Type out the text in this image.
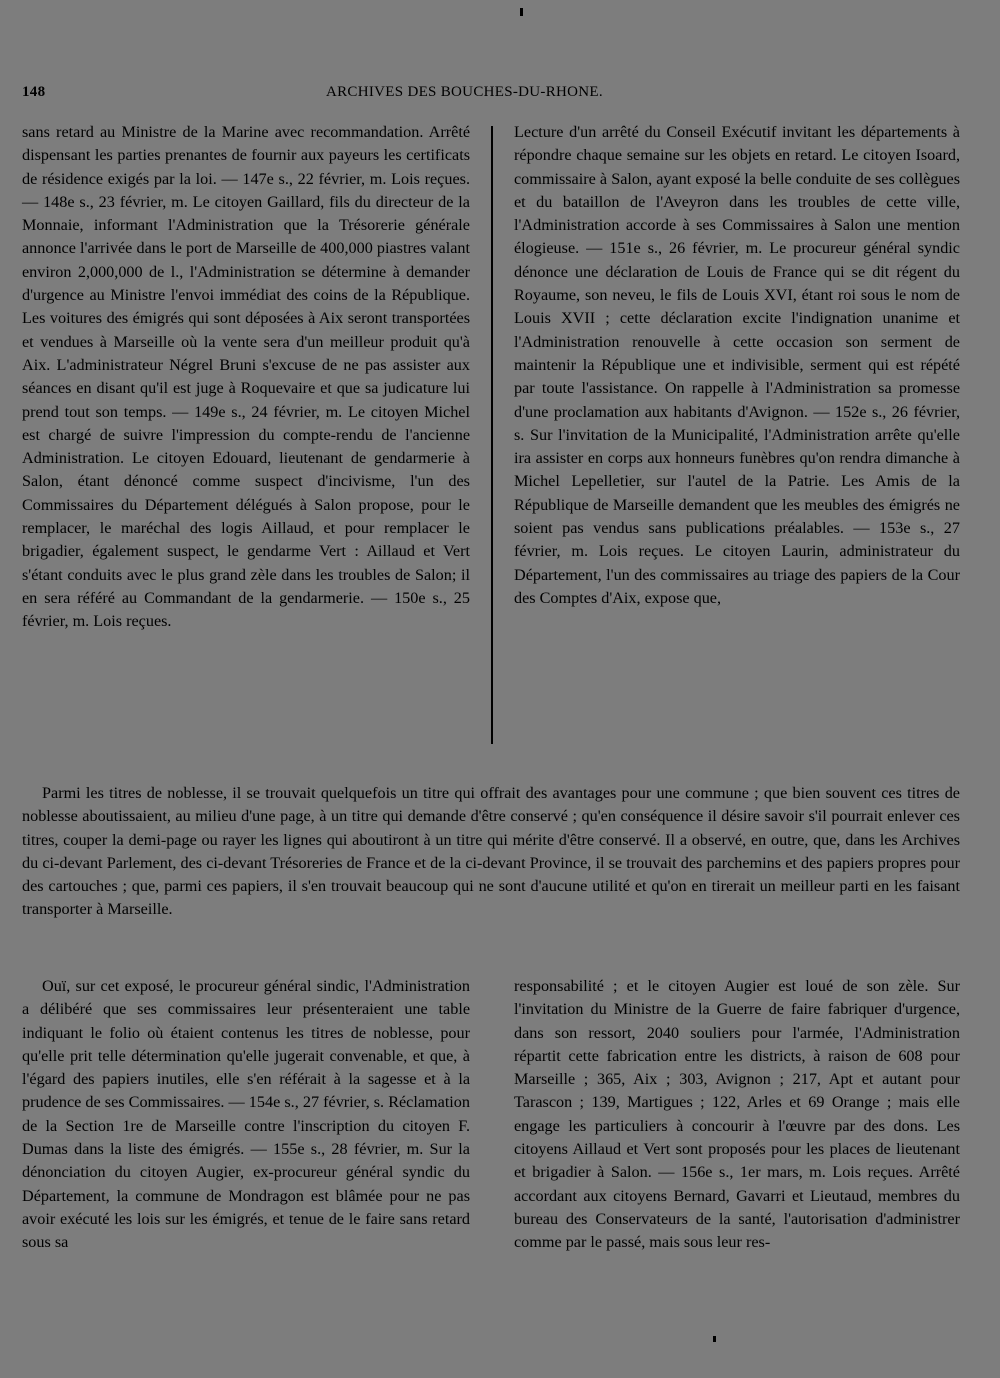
148	ARCHIVES DES BOUCHES-DU-RHONE.

sans retard au Ministre de la Marine avec recommandation. Arrêté dispensant les parties prenantes de fournir aux payeurs les certificats de résidence exigés par la loi. — 147e s., 22 février, m. Lois reçues. — 148e s., 23 février, m. Le citoyen Gaillard, fils du directeur de la Monnaie, informant l'Administration que la Trésorerie générale annonce l'arrivée dans le port de Marseille de 400,000 piastres valant environ 2,000,000 de l., l'Administration se détermine à demander d'urgence au Ministre l'envoi immédiat des coins de la République. Les voitures des émigrés qui sont déposées à Aix seront transportées et vendues à Marseille où la vente sera d'un meilleur produit qu'à Aix. L'administrateur Négrel Bruni s'excuse de ne pas assister aux séances en disant qu'il est juge à Roquevaire et que sa judicature lui prend tout son temps. — 149e s., 24 février, m. Le citoyen Michel est chargé de suivre l'impression du compte-rendu de l'ancienne Administration. Le citoyen Edouard, lieutenant de gendarmerie à Salon, étant dénoncé comme suspect d'incivisme, l'un des Commissaires du Département délégués à Salon propose, pour le remplacer, le maréchal des logis Aillaud, et pour remplacer le brigadier, également suspect, le gendarme Vert : Aillaud et Vert s'étant conduits avec le plus grand zèle dans les troubles de Salon; il en sera référé au Commandant de la gendarmerie. — 150e s., 25 février, m. Lois reçues.

Lecture d'un arrêté du Conseil Exécutif invitant les départements à répondre chaque semaine sur les objets en retard. Le citoyen Isoard, commissaire à Salon, ayant exposé la belle conduite de ses collègues et du bataillon de l'Aveyron dans les troubles de cette ville, l'Administration accorde à ses Commissaires à Salon une mention élogieuse. — 151e s., 26 février, m. Le procureur général syndic dénonce une déclaration de Louis de France qui se dit régent du Royaume, son neveu, le fils de Louis XVI, étant roi sous le nom de Louis XVII ; cette déclaration excite l'indignation unanime et l'Administration renouvelle à cette occasion son serment de maintenir la République une et indivisible, serment qui est répété par toute l'assistance. On rappelle à l'Administration sa promesse d'une proclamation aux habitants d'Avignon. — 152e s., 26 février, s. Sur l'invitation de la Municipalité, l'Administration arrête qu'elle ira assister en corps aux honneurs funèbres qu'on rendra dimanche à Michel Lepelletier, sur l'autel de la Patrie. Les Amis de la République de Marseille demandent que les meubles des émigrés ne soient pas vendus sans publications préalables. — 153e s., 27 février, m. Lois reçues. Le citoyen Laurin, administrateur du Département, l'un des commissaires au triage des papiers de la Cour des Comptes d'Aix, expose que,

Parmi les titres de noblesse, il se trouvait quelquefois un titre qui offrait des avantages pour une commune ; que bien souvent ces titres de noblesse aboutissaient, au milieu d'une page, à un titre qui demande d'être conservé ; qu'en conséquence il désire savoir s'il pourrait enlever ces titres, couper la demi-page ou rayer les lignes qui aboutiront à un titre qui mérite d'être conservé. Il a observé, en outre, que, dans les Archives du ci-devant Parlement, des ci-devant Trésoreries de France et de la ci-devant Province, il se trouvait des parchemins et des papiers propres pour des cartouches ; que, parmi ces papiers, il s'en trouvait beaucoup qui ne sont d'aucune utilité et qu'on en tirerait un meilleur parti en les faisant transporter à Marseille.

Ouï, sur cet exposé, le procureur général sindic, l'Administration a délibéré que ses commissaires leur présenteraient une table indiquant le folio où étaient contenus les titres de noblesse, pour qu'elle prit telle détermination qu'elle jugerait convenable, et que, à l'égard des papiers inutiles, elle s'en référait à la sagesse et à la prudence de ses Commissaires. — 154e s., 27 février, s. Réclamation de la Section 1re de Marseille contre l'inscription du citoyen F. Dumas dans la liste des émigrés. — 155e s., 28 février, m. Sur la dénonciation du citoyen Augier, ex-procureur général syndic du Département, la commune de Mondragon est blâmée pour ne pas avoir exécuté les lois sur les émigrés, et tenue de le faire sans retard sous sa

responsabilité ; et le citoyen Augier est loué de son zèle. Sur l'invitation du Ministre de la Guerre de faire fabriquer d'urgence, dans son ressort, 2040 souliers pour l'armée, l'Administration répartit cette fabrication entre les districts, à raison de 608 pour Marseille ; 365, Aix ; 303, Avignon ; 217, Apt et autant pour Tarascon ; 139, Martigues ; 122, Arles et 69 Orange ; mais elle engage les particuliers à concourir à l'œuvre par des dons. Les citoyens Aillaud et Vert sont proposés pour les places de lieutenant et brigadier à Salon. — 156e s., 1er mars, m. Lois reçues. Arrêté accordant aux citoyens Bernard, Gavarri et Lieutaud, membres du bureau des Conservateurs de la santé, l'autorisation d'administrer comme par le passé, mais sous leur res-
